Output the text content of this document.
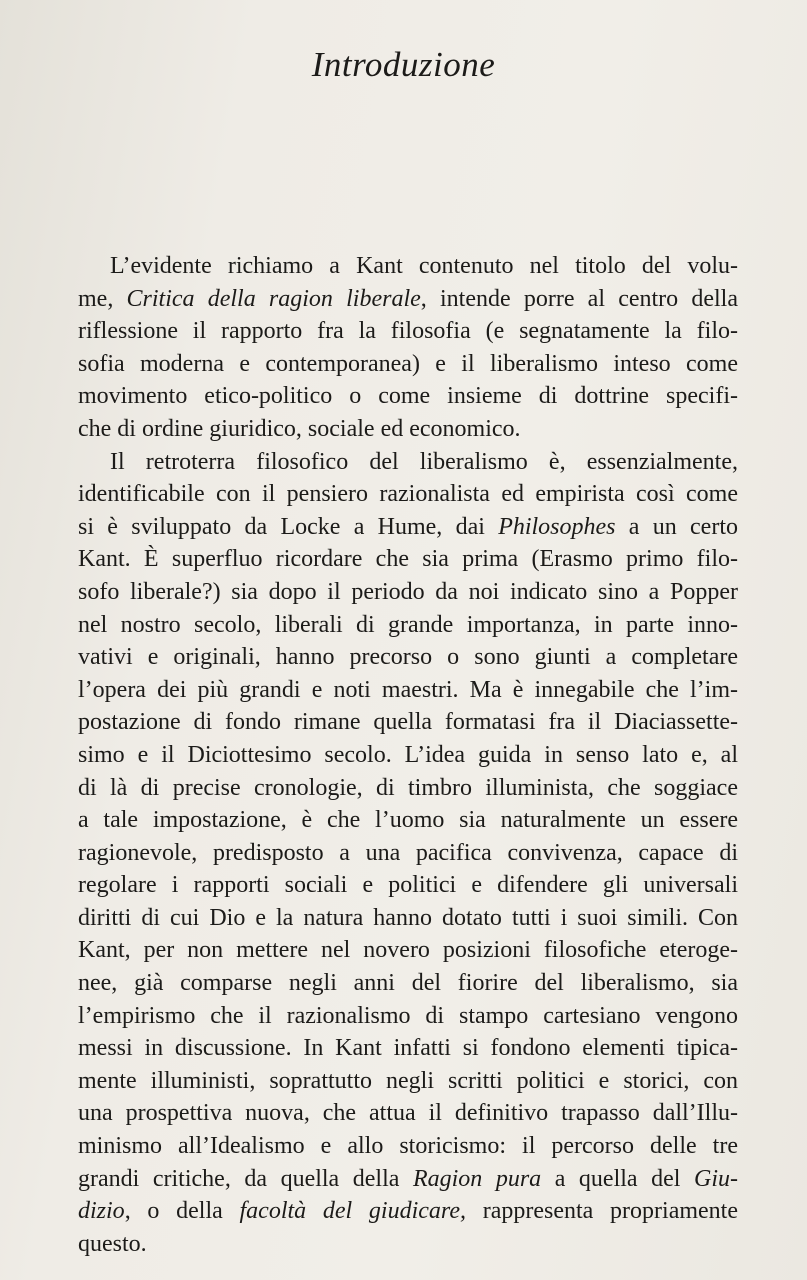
Introduzione

L’evidente richiamo a Kant contenuto nel titolo del volu-
me, Critica della ragion liberale, intende porre al centro della
riflessione il rapporto fra la filosofia (e segnatamente la filo-
sofia moderna e contemporanea) e il liberalismo inteso come
movimento etico-politico o come insieme di dottrine specifi-
che di ordine giuridico, sociale ed economico.

Il retroterra filosofico del liberalismo è, essenzialmente,
identificabile con il pensiero razionalista ed empirista così come
si è sviluppato da Locke a Hume, dai Philosophes a un certo
Kant. È superfluo ricordare che sia prima (Erasmo primo filo-
sofo liberale?) sia dopo il periodo da noi indicato sino a Popper
nel nostro secolo, liberali di grande importanza, in parte inno-
vativi e originali, hanno precorso o sono giunti a completare
l’opera dei più grandi e noti maestri. Ma è innegabile che l’im-
postazione di fondo rimane quella formatasi fra il Diaciassette-
simo e il Diciottesimo secolo. L’idea guida in senso lato e, al
di là di precise cronologie, di timbro illuminista, che soggiace
a tale impostazione, è che l’uomo sia naturalmente un essere
ragionevole, predisposto a una pacifica convivenza, capace di
regolare i rapporti sociali e politici e difendere gli universali
diritti di cui Dio e la natura hanno dotato tutti i suoi simili. Con
Kant, per non mettere nel novero posizioni filosofiche eteroge-
nee, già comparse negli anni del fiorire del liberalismo, sia
l’empirismo che il razionalismo di stampo cartesiano vengono
messi in discussione. In Kant infatti si fondono elementi tipica-
mente illuministi, soprattutto negli scritti politici e storici, con
una prospettiva nuova, che attua il definitivo trapasso dall’Illu-
minismo all’Idealismo e allo storicismo: il percorso delle tre
grandi critiche, da quella della Ragion pura a quella del Giu-
dizio, o della facoltà del giudicare, rappresenta propriamente
questo.
